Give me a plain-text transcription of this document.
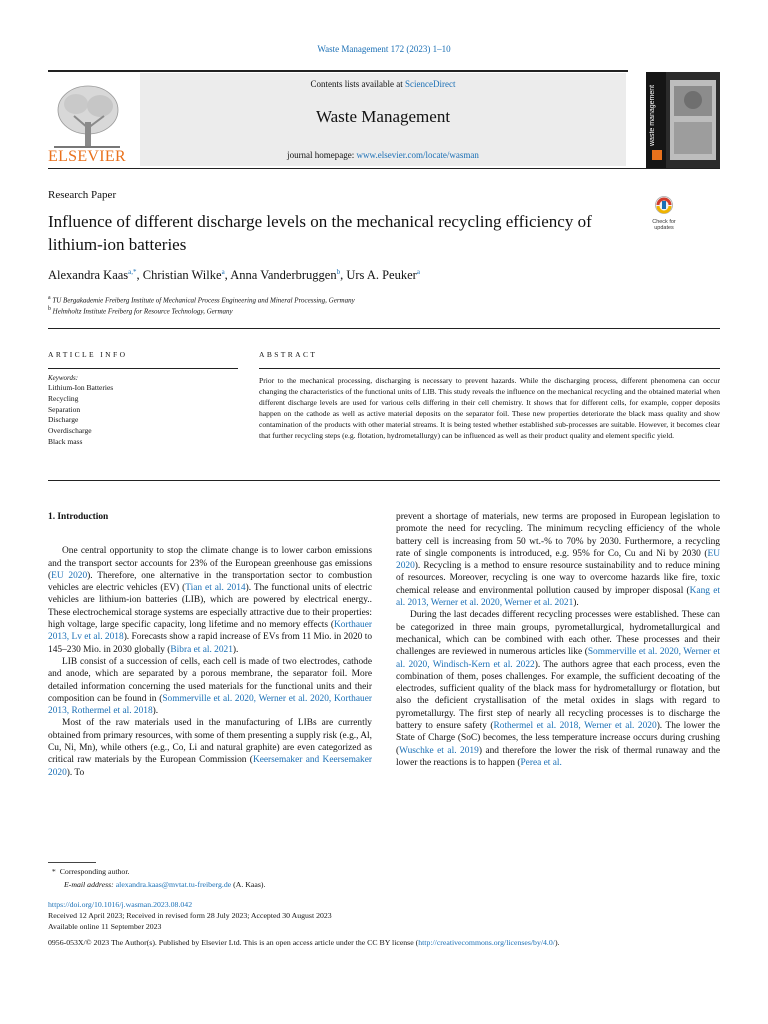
Waste Management 172 (2023) 1–10
ELSEVIER
Contents lists available at ScienceDirect
Waste Management
journal homepage: www.elsevier.com/locate/wasman
waste management
Research Paper
Influence of different discharge levels on the mechanical recycling efficiency of lithium-ion batteries
Check for
updates
Alexandra Kaas$^{a,*}$, Christian Wilke$^a$, Anna Vanderbruggen$^b$, Urs A. Peuker$^a$
$^a$ TU Bergakademie Freiberg Institute of Mechanical Process Engineering and Mineral Processing, Germany
$^b$ Helmholtz Institute Freiberg for Resource Technology, Germany
ARTICLE INFO	ABSTRACT
Keywords:
Lithium-Ion Batteries
Recycling
Separation
Discharge
Overdischarge
Black mass
Prior to the mechanical processing, discharging is necessary to prevent hazards. While the discharging process, different phenomena can occur changing the characteristics of the functional units of LIB. This study reveals the influence on the mechanical recycling and the obtained material when different discharge levels are used for various cells differing in their cell chemistry. It shows that for different cells, for example, copper deposits happen on the cathode as well as active material deposits on the separator foil. These new properties deteriorate the black mass quality and show contamination of the products with other material streams. It is being tested whether established sub-processes are suitable. However, it becomes clear that further recycling steps (e.g. flotation, hydrometallurgy) can be influenced as well as their product quality and element specific yield.
1. Introduction

One central opportunity to stop the climate change is to lower carbon emissions and the transport sector accounts for 23% of the European greenhouse gas emissions (EU 2020). Therefore, one alternative in the transportation sector to combustion vehicles are electric vehicles (EV) (Tian et al. 2014). The functional units of electric vehicles are lithium-ion batteries (LIB), which are powered by electrical energy.. These electrochemical storage systems are especially attractive due to their properties: high voltage, large specific capacity, long lifetime and no memory effects (Korthauer 2013, Lv et al. 2018). Forecasts show a rapid increase of EVs from 11 Mio. in 2020 to 145–230 Mio. in 2030 globally (Bibra et al. 2021).

LIB consist of a succession of cells, each cell is made of two electrodes, cathode and anode, which are separated by a porous membrane, the separator foil. More detailed information concerning the used materials for the functional units and their composition can be found in (Sommerville et al. 2020, Werner et al. 2020, Korthauer 2013, Rothermel et al. 2018).

Most of the raw materials used in the manufacturing of LIBs are currently obtained from primary resources, with some of them presenting a supply risk (e.g., Al, Cu, Ni, Mn), while others (e.g., Co, Li and natural graphite) are even categorized as critical raw materials by the European Commission (Keersemaker and Keersemaker 2020). To

prevent a shortage of materials, new terms are proposed in European legislation to promote the need for recycling. The minimum recycling efficiency of the whole battery cell is increasing from 50 wt.-% to 70% by 2030. Furthermore, a recycling rate of single components is introduced, e.g. 95% for Co, Cu and Ni by 2030 (EU 2020). Recycling is a method to ensure resource sustainability and to reduce mining of resources. Moreover, recycling is one way to overcome hazards like fire, toxic chemical release and environmental pollution caused by improper disposal (Kang et al. 2013, Werner et al. 2020, Werner et al. 2021).

During the last decades different recycling processes were established. These can be categorized in three main groups, pyrometallurgical, hydrometallurgical and mechanical, which can be combined with each other. These processes and their challenges are reviewed in numerous articles like (Sommerville et al. 2020, Werner et al. 2020, Windisch-Kern et al. 2022). The authors agree that each process, even the combination of them, poses challenges. For example, the sufficient decoating of the electrodes, sufficient quality of the black mass for hydrometallurgy or flotation, but also the deficient crystallisation of the metal oxides in slags with regard to pyrometallurgy. The first step of nearly all recycling processes is to discharge the battery to ensure safety (Rothermel et al. 2018, Werner et al. 2020). The lower the State of Charge (SoC) becomes, the less temperature increase occurs during crushing (Wuschke et al. 2019) and therefore the lower the risk of thermal runaway and the lower the reactions is to happen (Perea et al.

* Corresponding author.
E-mail address: alexandra.kaas@mvtat.tu-freiberg.de (A. Kaas).
https://doi.org/10.1016/j.wasman.2023.08.042
Received 12 April 2023; Received in revised form 28 July 2023; Accepted 30 August 2023
Available online 11 September 2023
0956-053X/© 2023 The Author(s). Published by Elsevier Ltd. This is an open access article under the CC BY license (http://creativecommons.org/licenses/by/4.0/).
